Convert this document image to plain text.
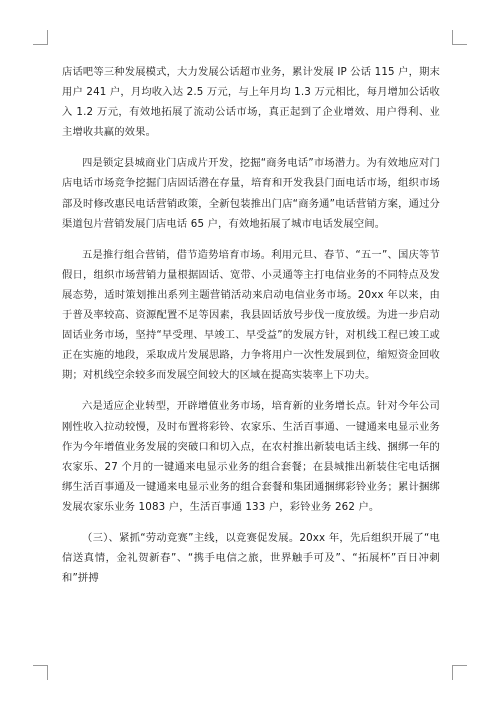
店话吧等三种发展模式，大力发展公话超市业务，累计发展 IP 公话 115 户，期末用户 241 户，月均收入达 2.5 万元，与上年月均 1.3 万元相比，每月增加公话收入 1.2 万元，有效地拓展了流动公话市场，真正起到了企业增效、用户得利、业主增收共赢的效果。

四是锁定县城商业门店成片开发，挖掘“商务电话”市场潜力。为有效地应对门店电话市场竞争挖掘门店固话潜在存量，培育和开发我县门面电话市场，组织市场部及时修改惠民电话营销政策，全新包装推出门店“商务通”电话营销方案，通过分渠道包片营销发展门店电话 65 户，有效地拓展了城市电话发展空间。

五是推行组合营销，借节造势培育市场。利用元旦、春节、“五一”、国庆等节假日，组织市场营销力量根据固话、宽带、小灵通等主打电信业务的不同特点及发展态势，适时策划推出系列主题营销活动来启动电信业务市场。20xx 年以来，由于普及率较高、资源配置不足等因素，我县固话放号步伐一度放缓。为进一步启动固话业务市场，坚持“早受理、早竣工、早受益”的发展方针，对机线工程已竣工或正在实施的地段，采取成片发展思路，力争将用户一次性发展到位，缩短资金回收期；对机线空余较多而发展空间较大的区域在提高实装率上下功夫。

六是适应企业转型，开辟增值业务市场，培育新的业务增长点。针对今年公司刚性收入拉动较慢，及时布置将彩铃、农家乐、生活百事通、一键通来电显示业务作为今年增值业务发展的突破口和切入点，在农村推出新装电话主线、捆绑一年的农家乐、27 个月的一键通来电显示业务的组合套餐；在县城推出新装住宅电话捆绑生活百事通及一键通来电显示业务的组合套餐和集团通捆绑彩铃业务；累计捆绑发展农家乐业务 1083 户，生活百事通 133 户，彩铃业务 262 户。

（三）、紧抓“劳动竞赛”主线，以竞赛促发展。20xx 年，先后组织开展了“电信送真情，金礼贺新春”、“携手电信之旅，世界触手可及”、“拓展杯”百日冲刺和”拼搏
